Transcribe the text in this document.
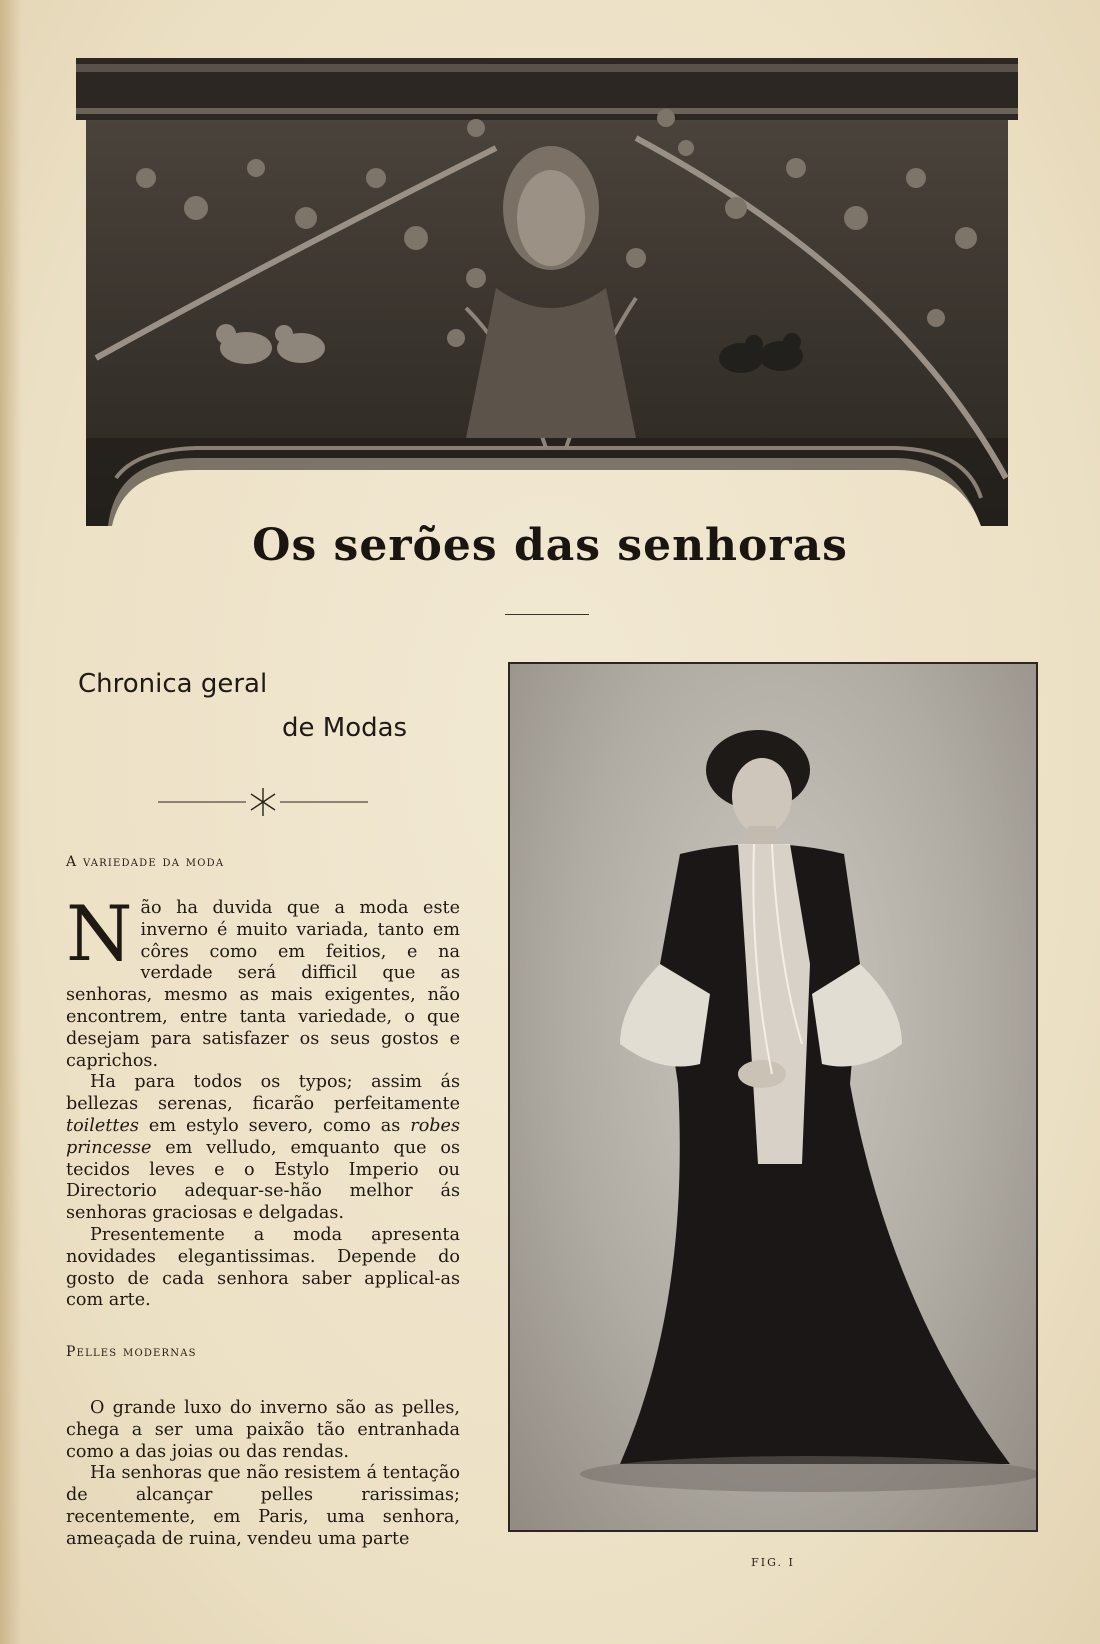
Os serões das senhoras
Chronica geral
de Modas
A variedade da moda

Não ha duvida que a moda este inverno é muito variada, tanto em côres como em feitios, e na verdade será difficil que as senhoras, mesmo as mais exigentes, não encontrem, entre tanta variedade, o que desejam para satisfazer os seus gostos e caprichos.

Ha para todos os typos; assim ás bellezas serenas, ficarão perfeitamente toilettes em estylo severo, como as robes princesse em velludo, emquanto que os tecidos leves e o Estylo Imperio ou Directorio adequar-se-hão melhor ás senhoras graciosas e delgadas.

Presentemente a moda apresenta novidades elegantissimas. Depende do gosto de cada senhora saber applical-as com arte.

Pelles modernas

O grande luxo do inverno são as pelles, chega a ser uma paixão tão entranhada como a das joias ou das rendas.

Ha senhoras que não resistem á tentação de alcançar pelles rarissimas; recentemente, em Paris, uma senhora, ameaçada de ruina, vendeu uma parte

FIG. I
